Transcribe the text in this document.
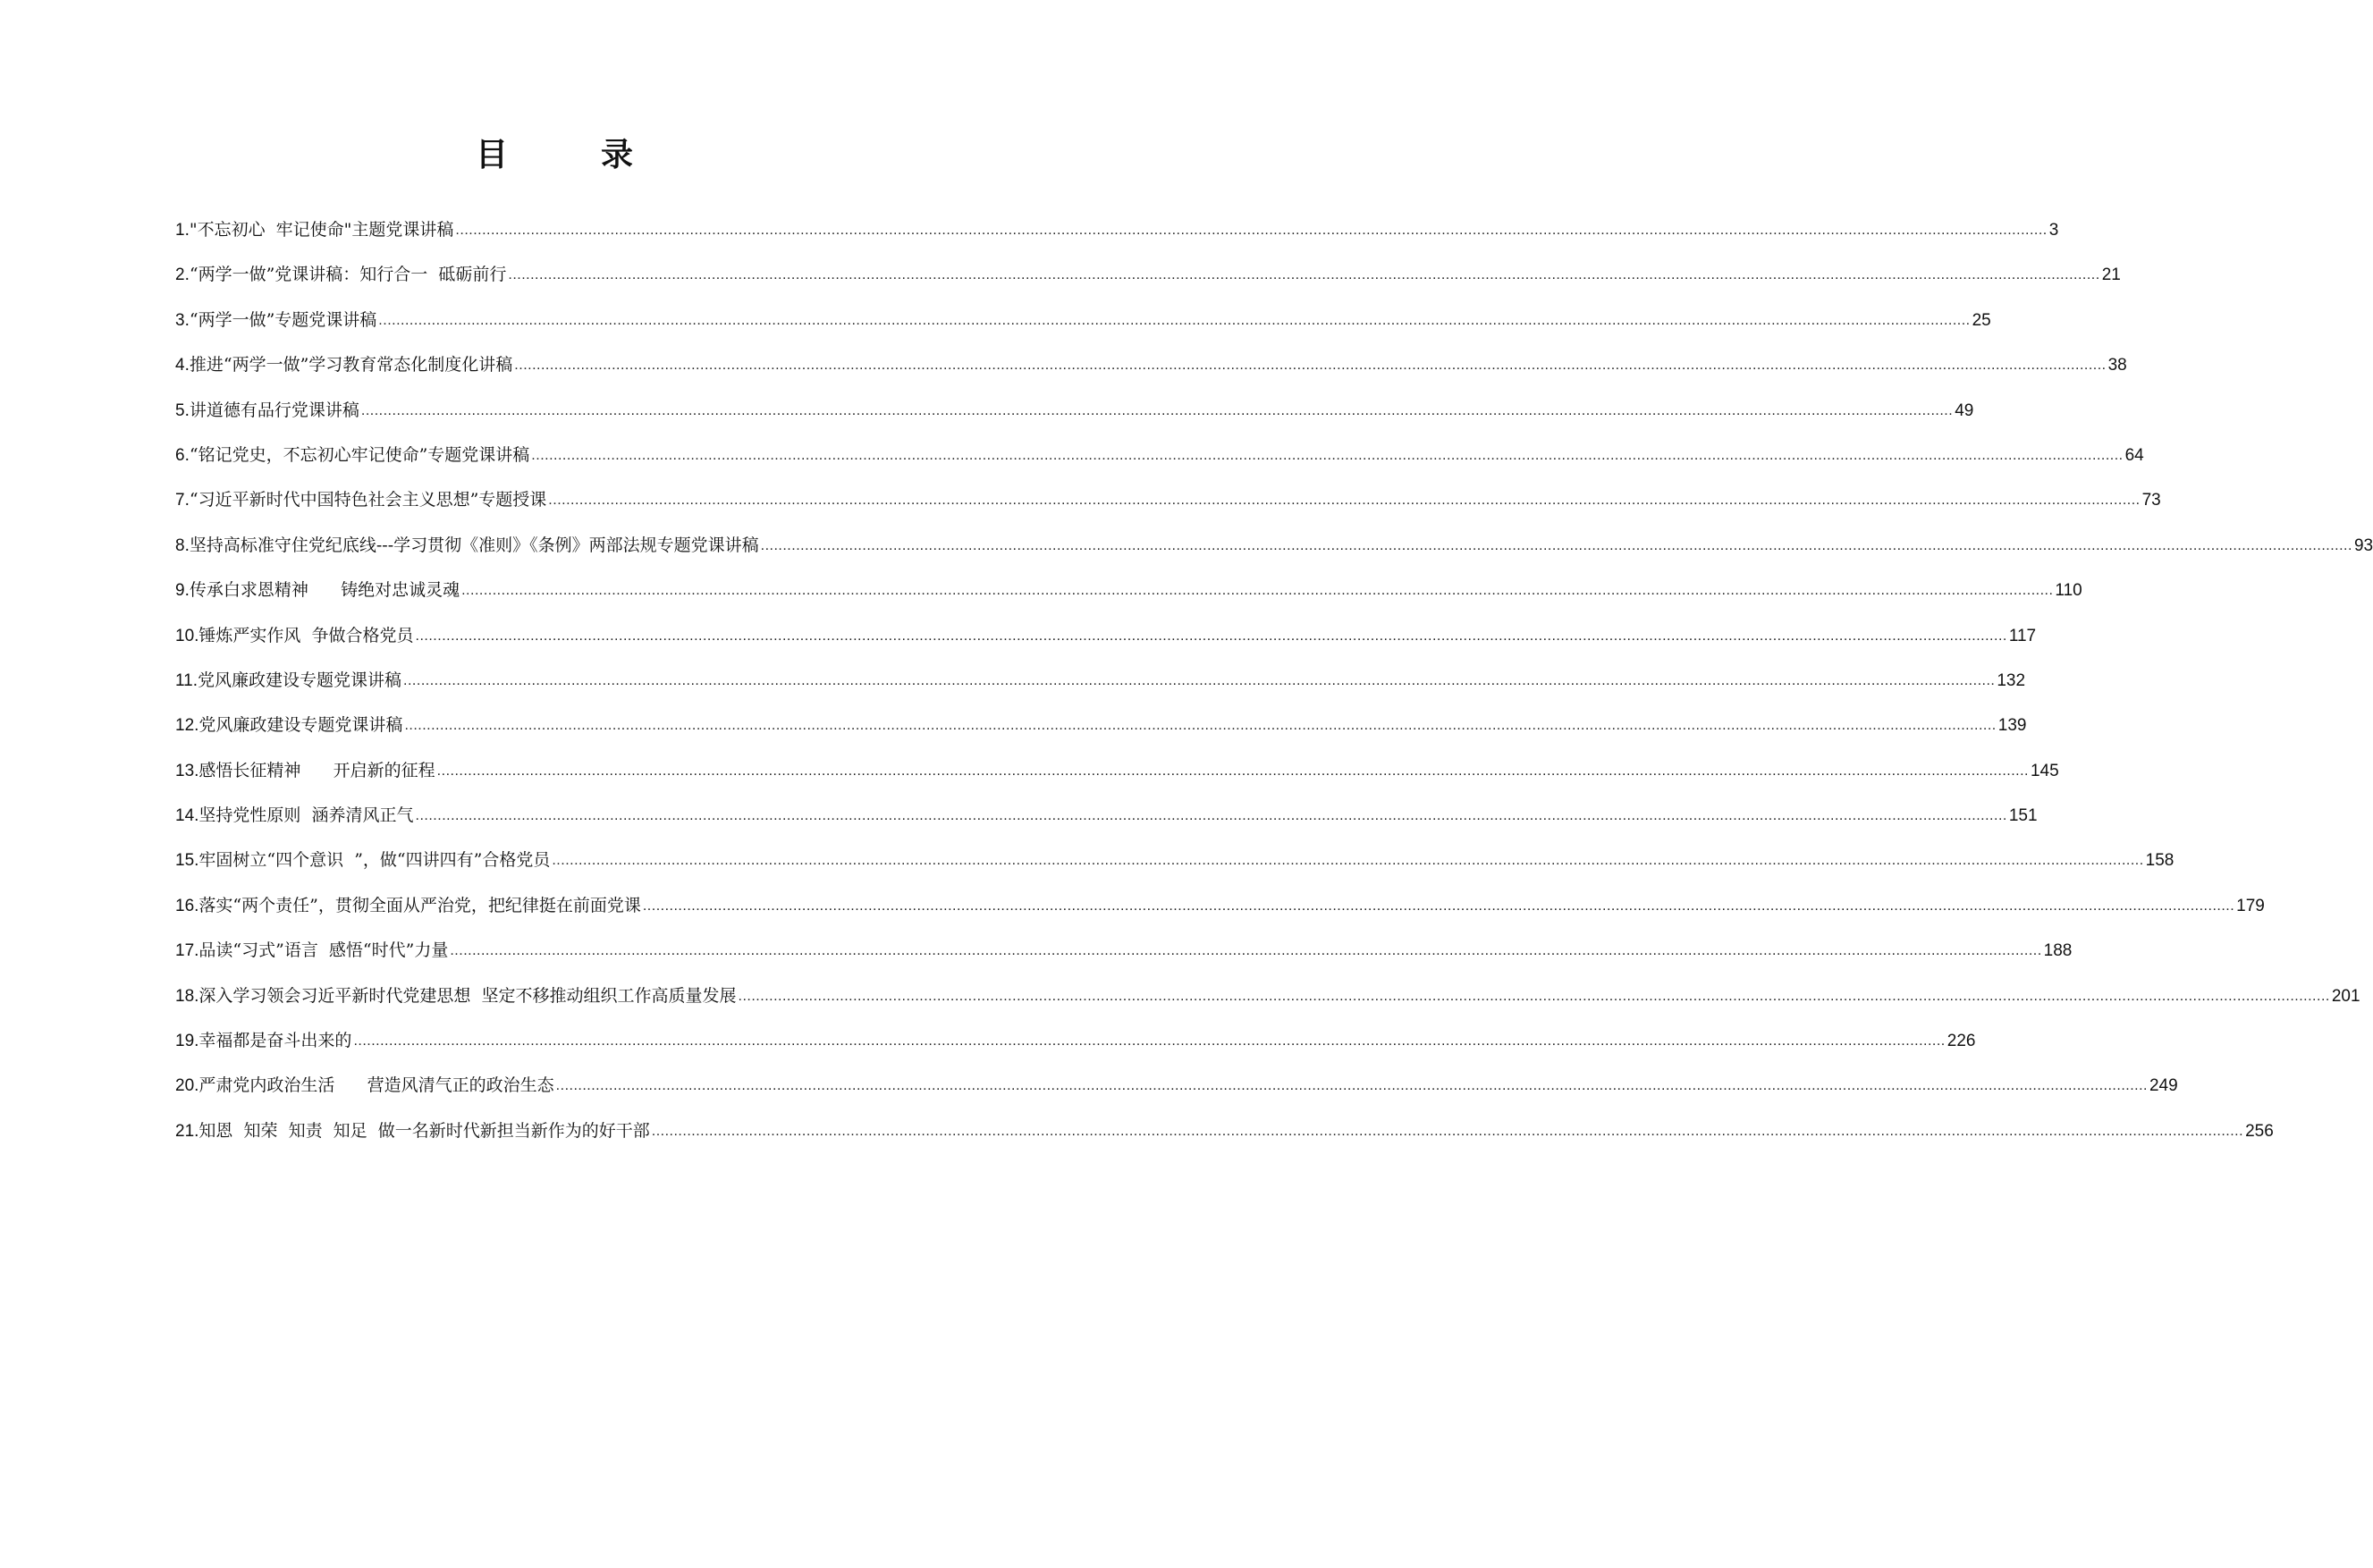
目　录
1. "不忘初心  牢记使命"主题党课讲稿 .....	3
2. “两学一做”党课讲稿：知行合一  砥砺前行 .....	21
3. “两学一做”专题党课讲稿 .....	25
4. 推进“两学一做”学习教育常态化制度化讲稿 .....	38
5. 讲道德有品行党课讲稿 .....	49
6. “铭记党史，不忘初心牢记使命”专题党课讲稿 .....	64
7. “习近平新时代中国特色社会主义思想”专题授课 .....	73
8. 坚持高标准守住党纪底线---学习贯彻《准则》《条例》两部法规专题党课讲稿 .....	93
9. 传承白求恩精神      铸绝对忠诚灵魂 .....	110
10. 锤炼严实作风  争做合格党员 .....	117
11. 党风廉政建设专题党课讲稿 .....	132
12. 党风廉政建设专题党课讲稿 .....	139
13. 感悟长征精神      开启新的征程 .....	145
14. 坚持党性原则  涵养清风正气 .....	151
15. 牢固树立“四个意识  ”，做“四讲四有”合格党员 .....	158
16. 落实“两个责任”，贯彻全面从严治党，把纪律挺在前面党课 .....	179
17. 品读“习式”语言  感悟“时代”力量 .....	188
18. 深入学习领会习近平新时代党建思想  坚定不移推动组织工作高质量发展 .....	201
19. 幸福都是奋斗出来的 .....	226
20. 严肃党内政治生活      营造风清气正的政治生态 .....	249
21. 知恩  知荣  知责  知足  做一名新时代新担当新作为的好干部 .....	256
